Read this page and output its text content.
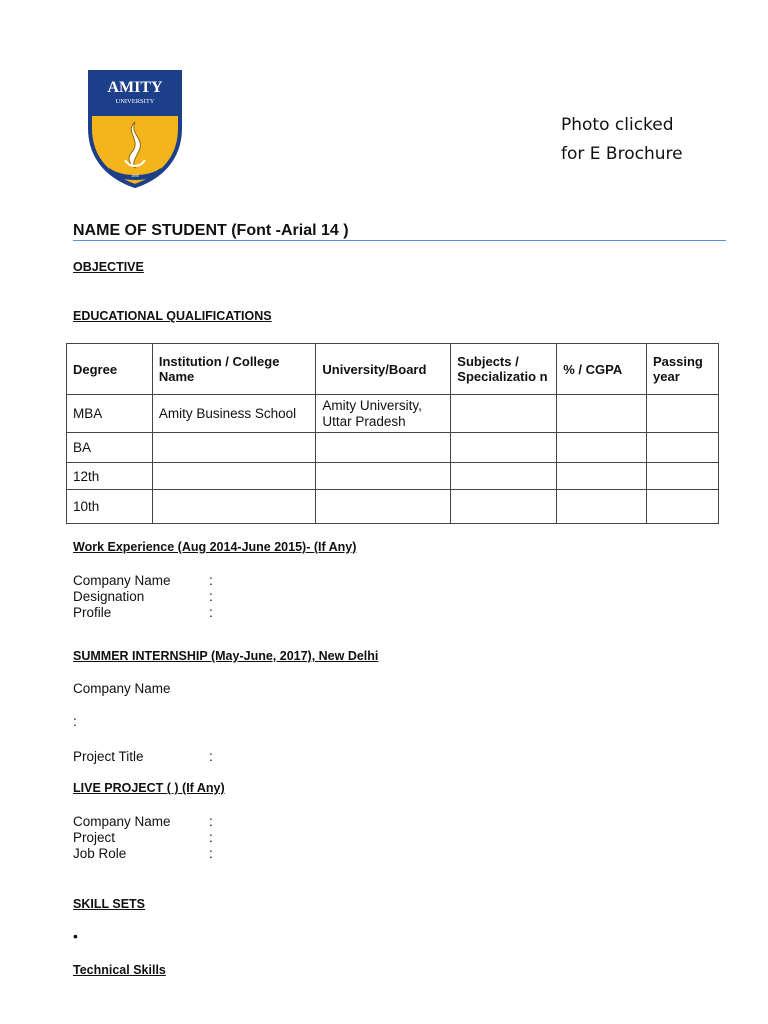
AMITY
UNIVERSITY
1995
Photo clicked
for E Brochure
NAME OF STUDENT (Font -Arial 14 )
OBJECTIVE
EDUCATIONAL QUALIFICATIONS
Degree	Institution / College Name	University/Board	Subjects / Specializatio n	% / CGPA	Passing year
MBA	Amity Business School	Amity University, Uttar Pradesh			
BA					
12th					
10th					
Work Experience (Aug 2014-June 2015)- (If Any)
Company Name	:
Designation	:
Profile	:
SUMMER INTERNSHIP (May-June, 2017), New Delhi
Company Name
:
Project Title	:
LIVE PROJECT ( ) (If Any)
Company Name	:
Project	:
Job Role	:
SKILL SETS
•
Technical Skills
